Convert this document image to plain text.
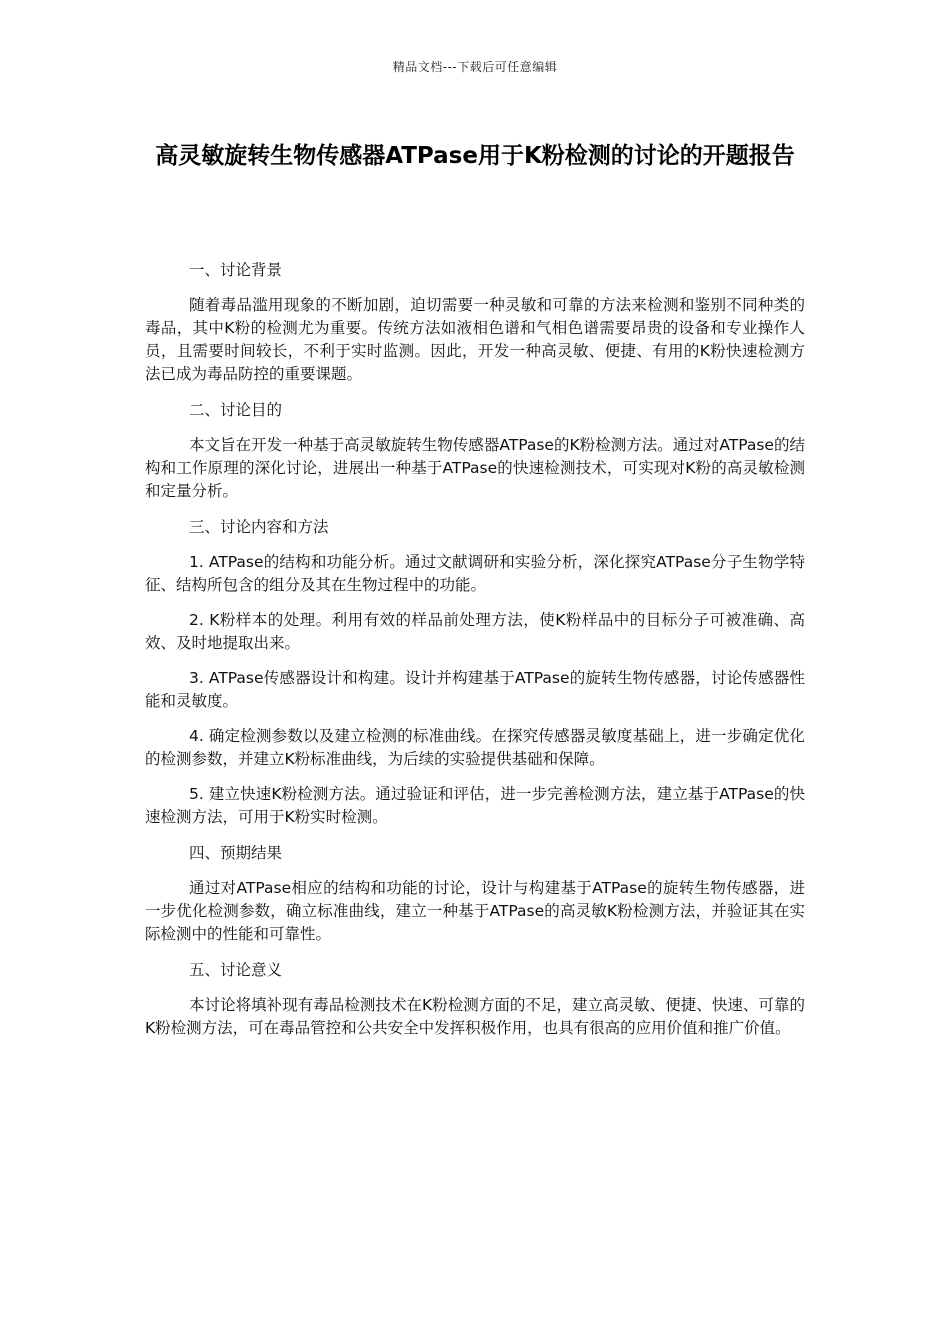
精品文档---下载后可任意编辑
高灵敏旋转生物传感器ATPase用于K粉检测的讨论的开题报告

一、讨论背景

随着毒品滥用现象的不断加剧，迫切需要一种灵敏和可靠的方法来检测和鉴别不同种类的毒品，其中K粉的检测尤为重要。传统方法如液相色谱和气相色谱需要昂贵的设备和专业操作人员，且需要时间较长，不利于实时监测。因此，开发一种高灵敏、便捷、有用的K粉快速检测方法已成为毒品防控的重要课题。

二、讨论目的

本文旨在开发一种基于高灵敏旋转生物传感器ATPase的K粉检测方法。通过对ATPase的结构和工作原理的深化讨论，进展出一种基于ATPase的快速检测技术，可实现对K粉的高灵敏检测和定量分析。

三、讨论内容和方法

1. ATPase的结构和功能分析。通过文献调研和实验分析，深化探究ATPase分子生物学特征、结构所包含的组分及其在生物过程中的功能。

2. K粉样本的处理。利用有效的样品前处理方法，使K粉样品中的目标分子可被准确、高效、及时地提取出来。

3. ATPase传感器设计和构建。设计并构建基于ATPase的旋转生物传感器，讨论传感器性能和灵敏度。

4. 确定检测参数以及建立检测的标准曲线。在探究传感器灵敏度基础上，进一步确定优化的检测参数，并建立K粉标准曲线，为后续的实验提供基础和保障。

5. 建立快速K粉检测方法。通过验证和评估，进一步完善检测方法，建立基于ATPase的快速检测方法，可用于K粉实时检测。

四、预期结果

通过对ATPase相应的结构和功能的讨论，设计与构建基于ATPase的旋转生物传感器，进一步优化检测参数，确立标准曲线，建立一种基于ATPase的高灵敏K粉检测方法，并验证其在实际检测中的性能和可靠性。

五、讨论意义

本讨论将填补现有毒品检测技术在K粉检测方面的不足，建立高灵敏、便捷、快速、可靠的K粉检测方法，可在毒品管控和公共安全中发挥积极作用，也具有很高的应用价值和推广价值。
